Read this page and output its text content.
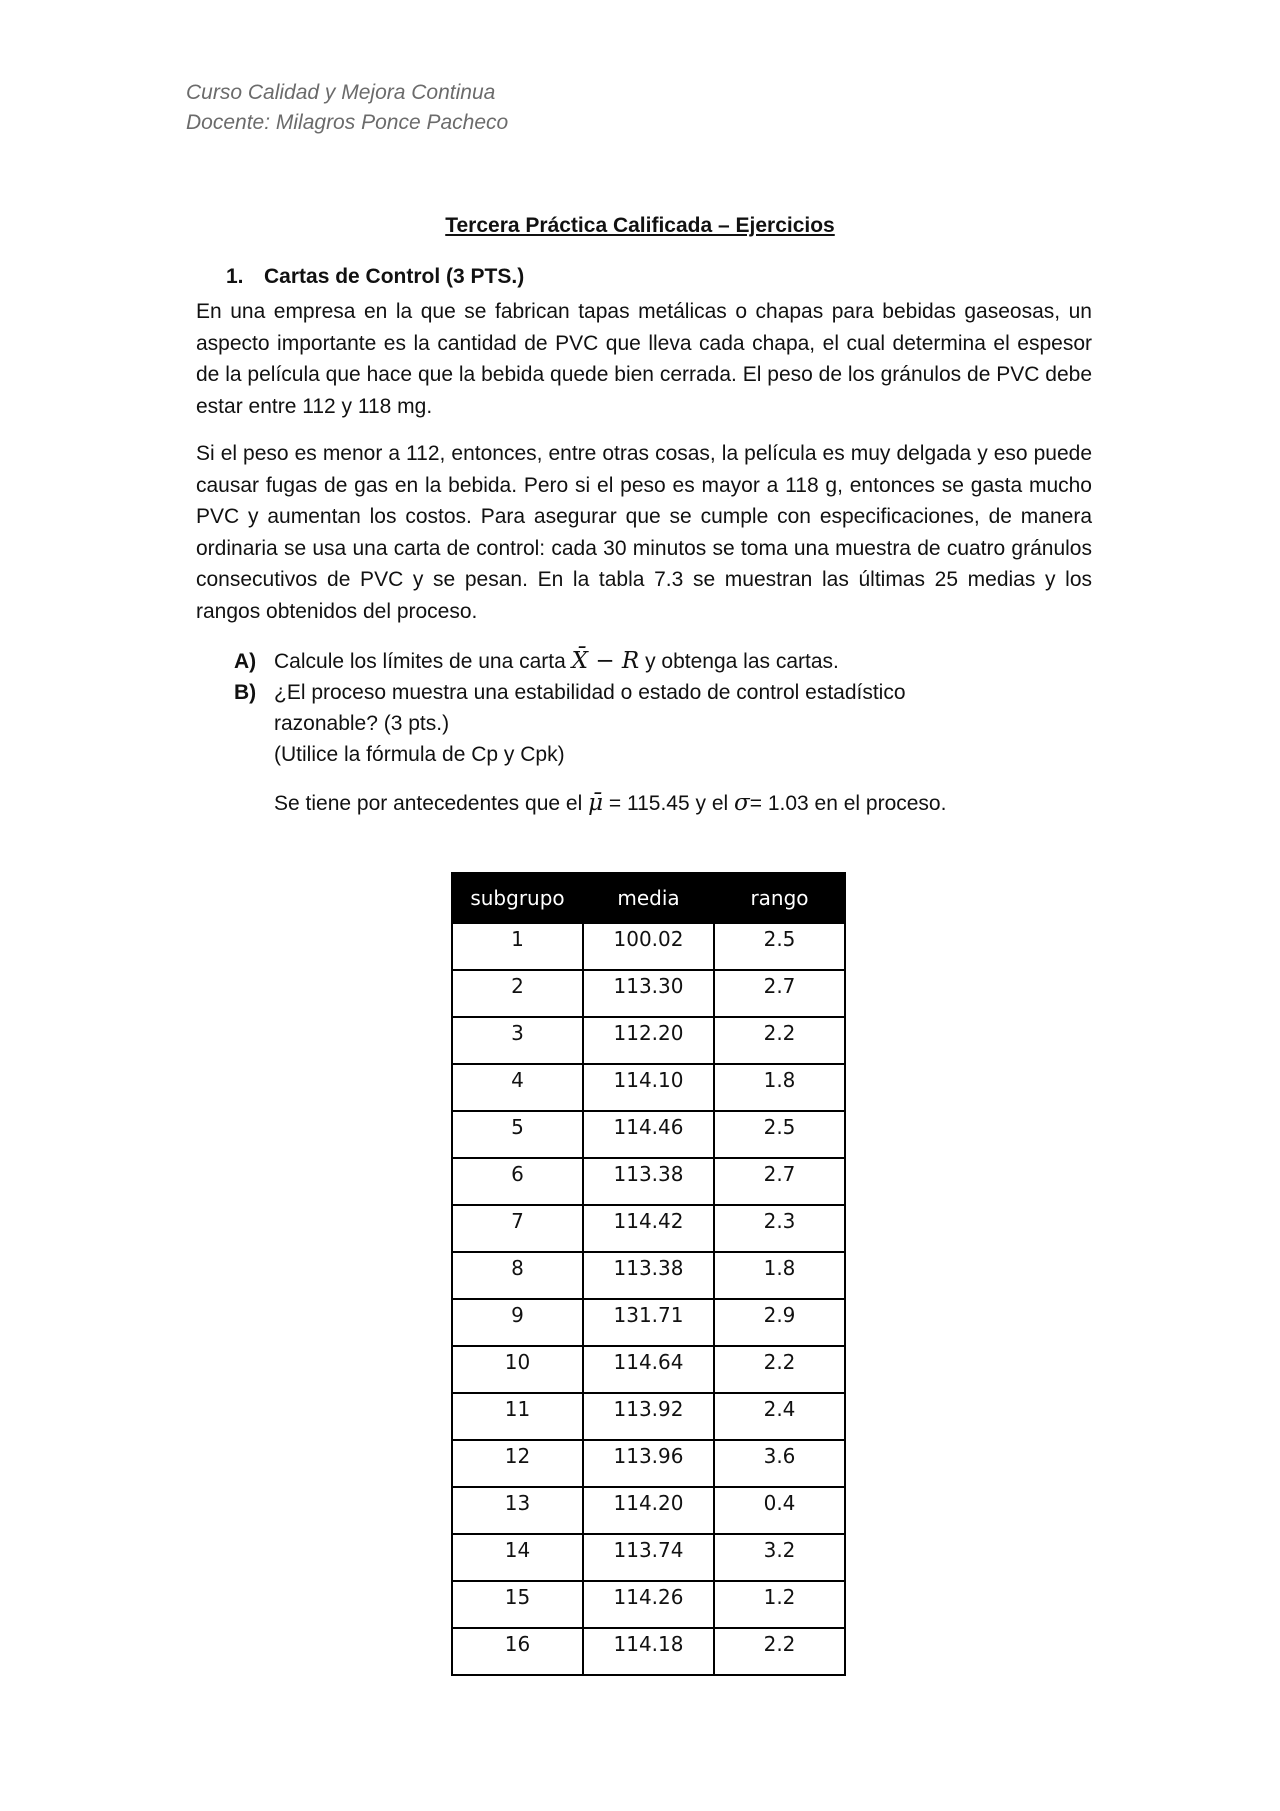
Curso Calidad y Mejora Continua
Docente: Milagros Ponce Pacheco
Tercera Práctica Calificada – Ejercicios
1. Cartas de Control (3 PTS.)
En una empresa en la que se fabrican tapas metálicas o chapas para bebidas gaseosas, un aspecto importante es la cantidad de PVC que lleva cada chapa, el cual determina el espesor de la película que hace que la bebida quede bien cerrada. El peso de los gránulos de PVC debe estar entre 112 y 118 mg.
Si el peso es menor a 112, entonces, entre otras cosas, la película es muy delgada y eso puede causar fugas de gas en la bebida. Pero si el peso es mayor a 118 g, entonces se gasta mucho PVC y aumentan los costos. Para asegurar que se cumple con especificaciones, de manera ordinaria se usa una carta de control: cada 30 minutos se toma una muestra de cuatro gránulos consecutivos de PVC y se pesan. En la tabla 7.3 se muestran las últimas 25 medias y los rangos obtenidos del proceso.
A) Calcule los límites de una carta X̄ − R y obtenga las cartas.
B) ¿El proceso muestra una estabilidad o estado de control estadístico
razonable? (3 pts.)
(Utilice la fórmula de Cp y Cpk)
Se tiene por antecedentes que el μ̄ = 115.45 y el σ= 1.03 en el proceso.
subgrupo	media	rango
1	100.02	2.5
2	113.30	2.7
3	112.20	2.2
4	114.10	1.8
5	114.46	2.5
6	113.38	2.7
7	114.42	2.3
8	113.38	1.8
9	131.71	2.9
10	114.64	2.2
11	113.92	2.4
12	113.96	3.6
13	114.20	0.4
14	113.74	3.2
15	114.26	1.2
16	114.18	2.2
